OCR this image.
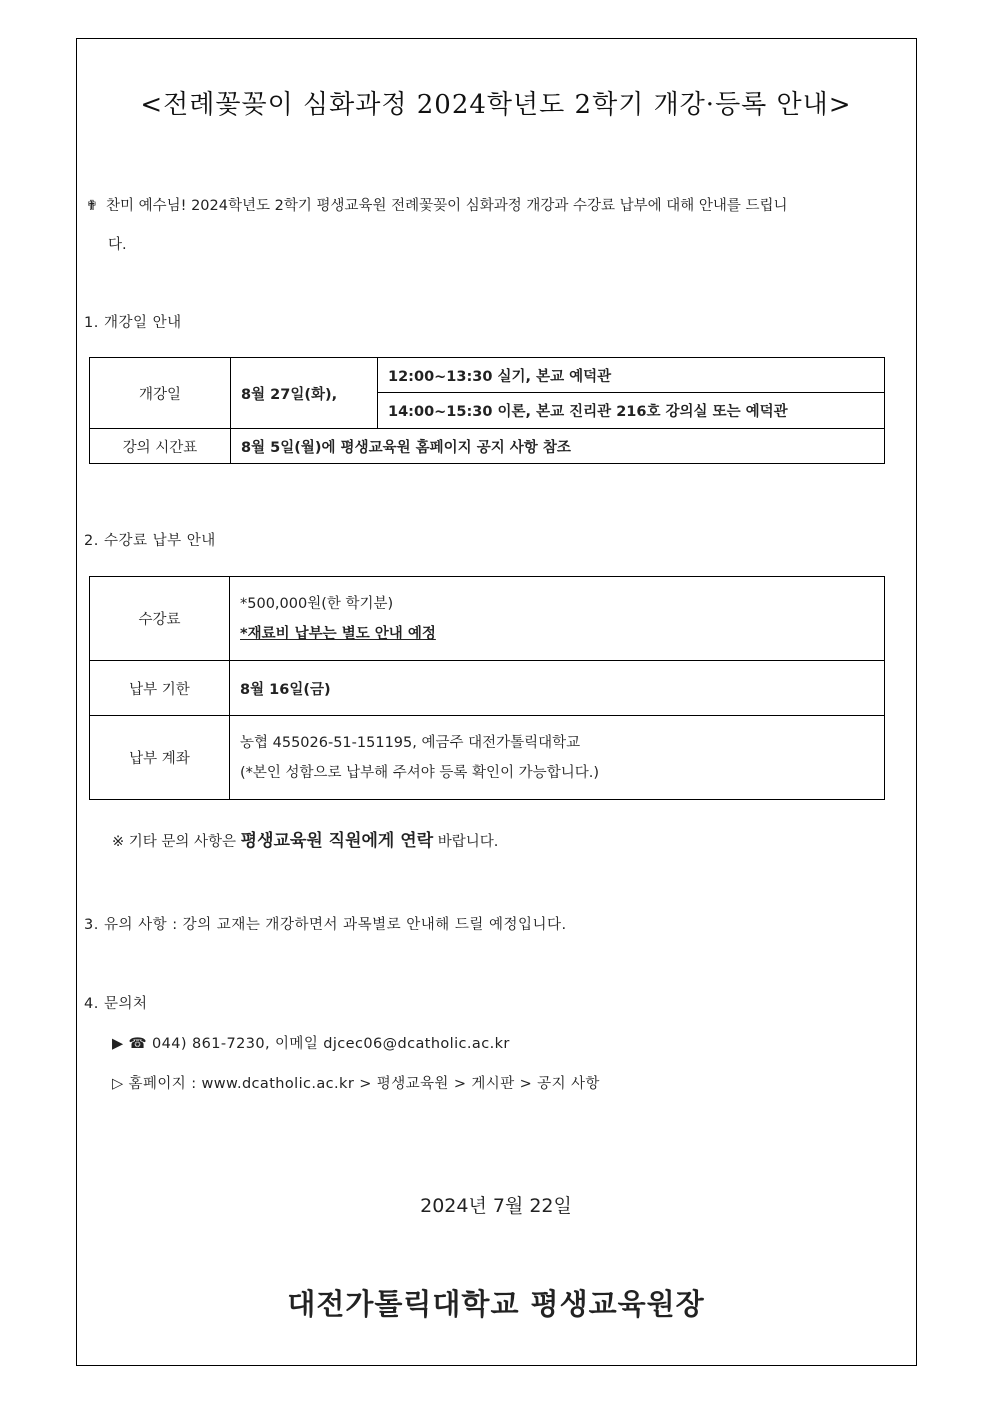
<전례꽃꽂이 심화과정 2024학년도 2학기 개강·등록 안내>
✟ 찬미 예수님! 2024학년도 2학기 평생교육원 전례꽃꽂이 심화과정 개강과 수강료 납부에 대해 안내를 드립니
다.
1. 개강일 안내
개강일	8월 27일(화),	12:00~13:30 실기, 본교 예덕관
		14:00~15:30 이론, 본교 진리관 216호 강의실 또는 예덕관
강의 시간표	8월 5일(월)에 평생교육원 홈페이지 공지 사항 참조	
2. 수강료 납부 안내
수강료	*500,000원(한 학기분)
*재료비 납부는 별도 안내 예정

납부 기한	8월 16일(금)
납부 계좌	농협 455026-51-151195, 예금주 대전가톨릭대학교
(*본인 성함으로 납부해 주셔야 등록 확인이 가능합니다.)
※ 기타 문의 사항은 평생교육원 직원에게 연락 바랍니다.
3. 유의 사항 : 강의 교재는 개강하면서 과목별로 안내해 드릴 예정입니다.
4. 문의처
▶ ☎ 044) 861-7230, 이메일 djcec06@dcatholic.ac.kr
▷ 홈페이지 : www.dcatholic.ac.kr > 평생교육원 > 게시판 > 공지 사항
2024년 7월 22일
대전가톨릭대학교 평생교육원장
